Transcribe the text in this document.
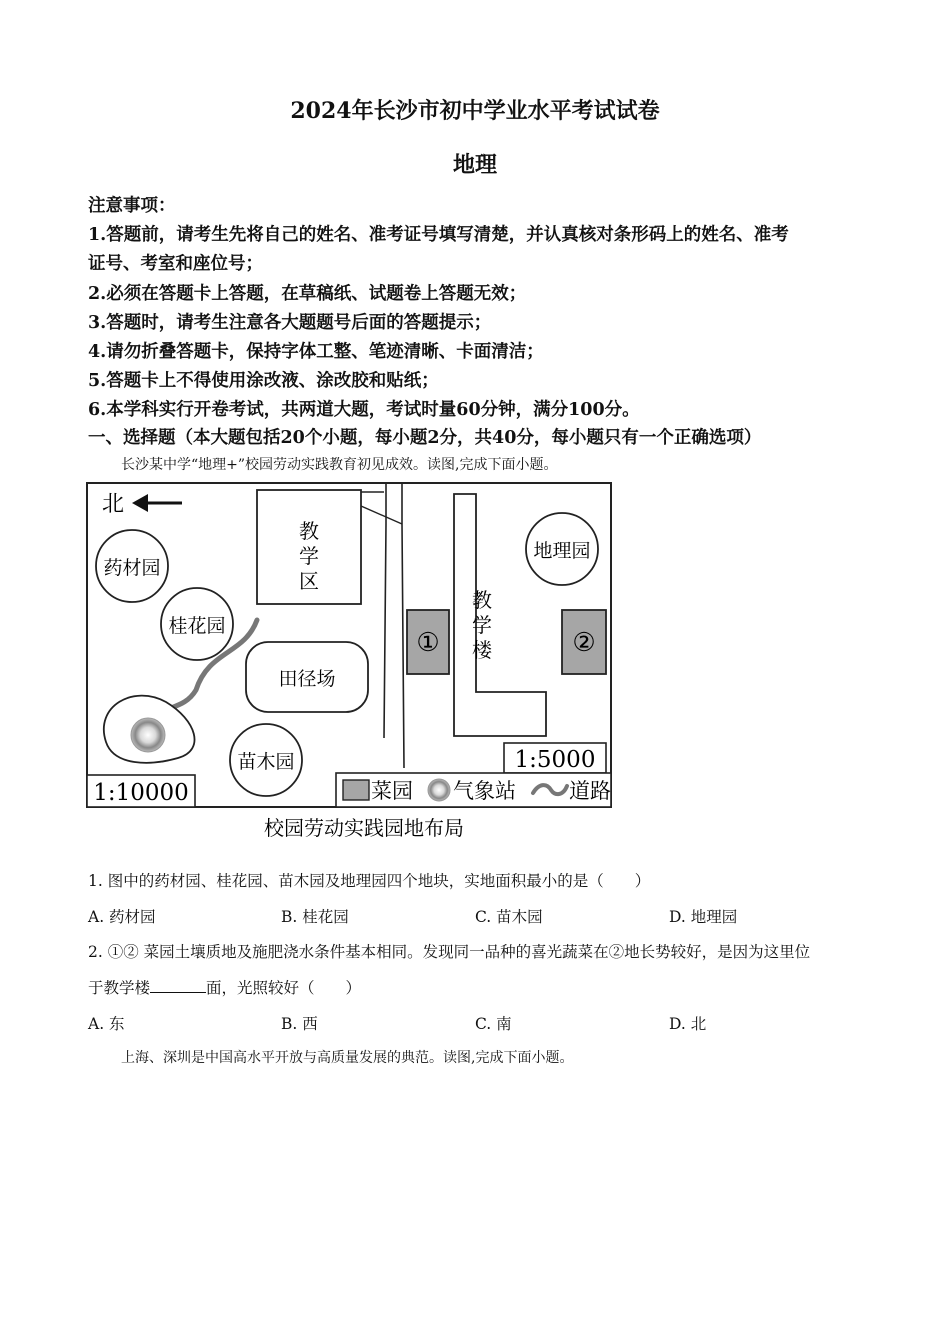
2024年长沙市初中学业水平考试试卷
地理
注意事项：
1.答题前，请考生先将自己的姓名、准考证号填写清楚，并认真核对条形码上的姓名、准考
证号、考室和座位号；
2.必须在答题卡上答题，在草稿纸、试题卷上答题无效；
3.答题时，请考生注意各大题题号后面的答题提示；
4.请勿折叠答题卡，保持字体工整、笔迹清晰、卡面清洁；
5.答题卡上不得使用涂改液、涂改胶和贴纸；
6.本学科实行开卷考试，共两道大题，考试时量60分钟，满分100分。
一、选择题（本大题包括20个小题，每小题2分，共40分，每小题只有一个正确选项）
长沙某中学“地理+”校园劳动实践教育初见成效。读图,完成下面小题。
北
药材园
桂花园
苗木园
地理园
教
学
区
田径场
教
学
楼
①	②
1:5000
1:10000	菜园 气象站	道路
校园劳动实践园地布局
1. 图中的药材园、桂花园、苗木园及地理园四个地块，实地面积最小的是（　　）
A. 药材园	B. 桂花园	C. 苗木园	D. 地理园
2. ①② 菜园土壤质地及施肥浇水条件基本相同。发现同一品种的喜光蔬菜在②地长势较好，是因为这里位
于教学楼	面，光照较好（　　）
A. 东	B. 西	C. 南	D. 北
上海、深圳是中国高水平开放与高质量发展的典范。读图,完成下面小题。
